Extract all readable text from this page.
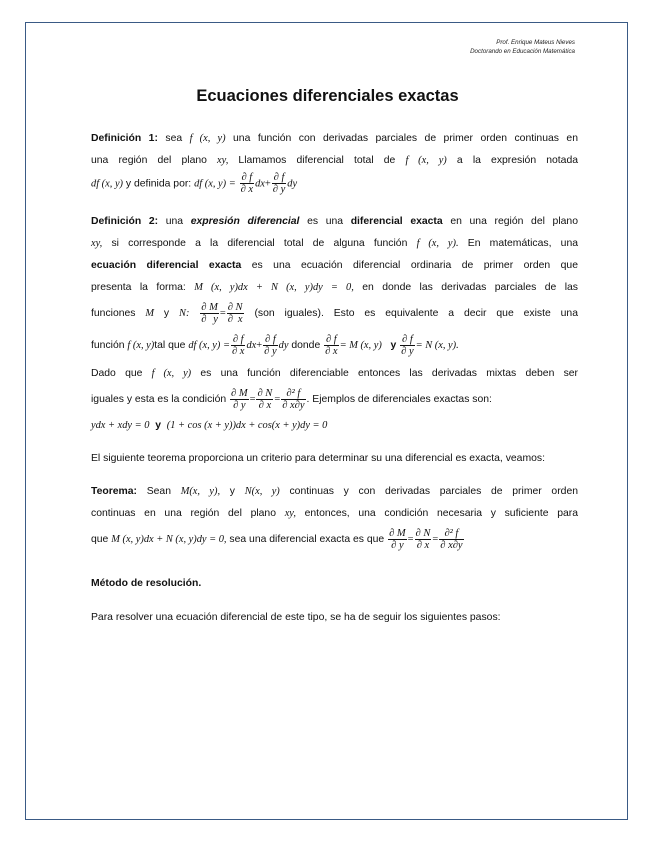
Prof. Enrique Mateus Nieves
Doctorando en Educación Matemática
Ecuaciones diferenciales exactas
Definición 1: sea f (x, y) una función con derivadas parciales de primer orden continuas en
una región del plano xy, Llamamos diferencial total de f (x, y) a la expresión notada
df (x, y) y definida por: df (x, $y) = \frac{\partial f}{\partial x} dx+ \frac{\partial f}{\partial y}$ dy
Definición 2: una expresión diferencial es una diferencial exacta en una región del plano
xy, si corresponde a la diferencial total de alguna función f (x, y). En matemáticas, una
ecuación diferencial exacta es una ecuación diferencial ordinaria de primer orden que
presenta la forma: M (x, y)dx + N (x, y)dy = 0, en donde las derivadas parciales de las
funciones M y N: $\frac{\partial M}{\partial y} = \frac{\partial N}{\partial x} (son$ iguales). Esto es equivalente a decir que existe una
función f (x, y)tal que df (x, $y) = \frac{\partial f}{\partial x} dx+ \frac{\partial f}{\partial y}$ dy donde $\frac{\partial f}{\partial x} = M$ (x, y) y $\frac{\partial f}{\partial y} = N$ (x, y).
Dado que f (x, y) es una función diferenciable entonces las derivadas mixtas deben ser
iguales y esta es la condición $\frac{\partial M}{\partial y} = \frac{\partial N}{\partial x} = \frac{\text{∂² f}}{\partial x\partial y}$ . Ejemplos de diferenciales exactas son:
ydx + xdy = 0 y (1 + cos (x + y))dx + cos(x + y)dy = 0

El siguiente teorema proporciona un criterio para determinar su una diferencial es exacta, veamos:

Teorema: Sean M(x, y), y N(x, y) continuas y con derivadas parciales de primer orden
continuas en una región del plano xy, entonces, una condición necesaria y suficiente para
que M (x, y)dx + N (x, y)dy = 0, sea una diferencial exacta es que $\frac{\partial M}{\partial y} = \frac{\partial N}{\partial x} = \frac{\text{∂² f}}{\partial x\partial y}$

Método de resolución.

Para resolver una ecuación diferencial de este tipo, se ha de seguir los siguientes pasos:
